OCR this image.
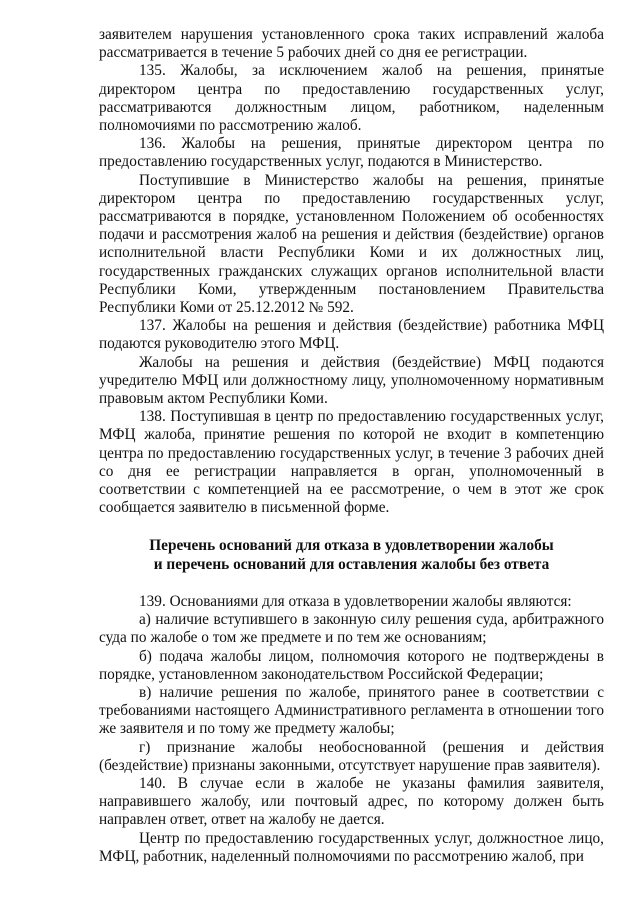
заявителем нарушения установленного срока таких исправлений жалоба рассматривается в течение 5 рабочих дней со дня ее регистрации.

135. Жалобы, за исключением жалоб на решения, принятые директором центра по предоставлению государственных услуг, рассматриваются должностным лицом, работником, наделенным полномочиями по рассмотрению жалоб.

136. Жалобы на решения, принятые директором центра по предоставлению государственных услуг, подаются в Министерство.

Поступившие в Министерство жалобы на решения, принятые директором центра по предоставлению государственных услуг, рассматриваются в порядке, установленном Положением об особенностях подачи и рассмотрения жалоб на решения и действия (бездействие) органов исполнительной власти Республики Коми и их должностных лиц, государственных гражданских служащих органов исполнительной власти Республики Коми, утвержденным постановлением Правительства Республики Коми от 25.12.2012 № 592.

137. Жалобы на решения и действия (бездействие) работника МФЦ подаются руководителю этого МФЦ.

Жалобы на решения и действия (бездействие) МФЦ подаются учредителю МФЦ или должностному лицу, уполномоченному нормативным правовым актом Республики Коми.

138. Поступившая в центр по предоставлению государственных услуг, МФЦ жалоба, принятие решения по которой не входит в компетенцию центра по предоставлению государственных услуг, в течение 3 рабочих дней со дня ее регистрации направляется в орган, уполномоченный в соответствии с компетенцией на ее рассмотрение, о чем в этот же срок сообщается заявителю в письменной форме.

Перечень оснований для отказа в удовлетворении жалобы
и перечень оснований для оставления жалобы без ответа

139. Основаниями для отказа в удовлетворении жалобы являются:

а) наличие вступившего в законную силу решения суда, арбитражного суда по жалобе о том же предмете и по тем же основаниям;

б) подача жалобы лицом, полномочия которого не подтверждены в порядке, установленном законодательством Российской Федерации;

в) наличие решения по жалобе, принятого ранее в соответствии с требованиями настоящего Административного регламента в отношении того же заявителя и по тому же предмету жалобы;

г) признание жалобы необоснованной (решения и действия (бездействие) признаны законными, отсутствует нарушение прав заявителя).

140. В случае если в жалобе не указаны фамилия заявителя, направившего жалобу, или почтовый адрес, по которому должен быть направлен ответ, ответ на жалобу не дается.

Центр по предоставлению государственных услуг, должностное лицо, МФЦ, работник, наделенный полномочиями по рассмотрению жалоб, при
